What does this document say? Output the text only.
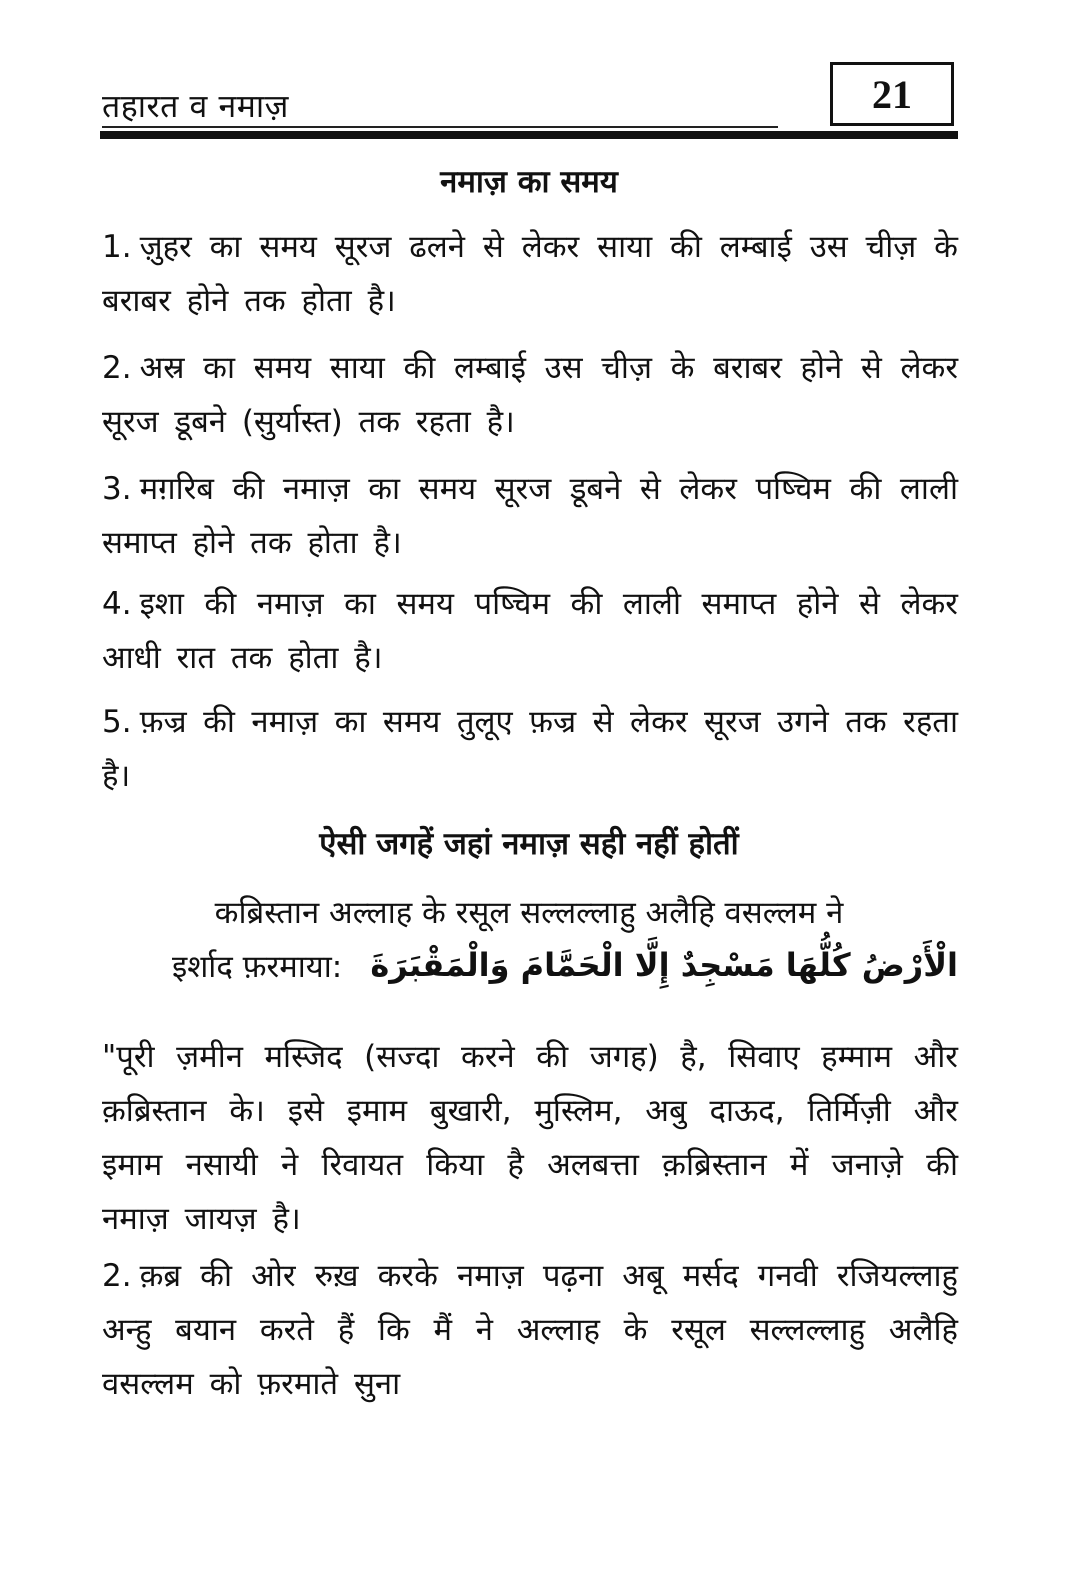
तहारत व नमाज़	21
नमाज़ का समय
1. ज़ुहर का समय सूरज ढलने से लेकर साया की लम्बाई उस चीज़ के बराबर होने तक होता है।
2. अस्र का समय साया की लम्बाई उस चीज़ के बराबर होने से लेकर सूरज डूबने (सुर्यास्त) तक रहता है।
3. मग़रिब की नमाज़ का समय सूरज डूबने से लेकर पष्चिम की लाली समाप्त होने तक होता है।
4. इशा की नमाज़ का समय पष्चिम की लाली समाप्त होने से लेकर आधी रात तक होता है।
5. फ़ज्र की नमाज़ का समय तुलूए फ़ज्र से लेकर सूरज उगने तक रहता है।
ऐसी जगहें जहां नमाज़ सही नहीं होतीं
कब्रिस्तान अल्लाह के रसूल सल्लल्लाहु अलैहि वसल्लम ने
इर्शाद फ़रमाया: الْأَرْضُ كُلُّهَا مَسْجِدٌ إِلَّا الْحَمَّامَ وَالْمَقْبَرَةَ
"पूरी ज़मीन मस्जिद (सज्दा करने की जगह) है, सिवाए हम्माम और क़ब्रिस्तान के। इसे इमाम बुखारी, मुस्लिम, अबु दाऊद, तिर्मिज़ी और इमाम नसायी ने रिवायत किया है अलबत्ता क़ब्रिस्तान में जनाज़े की नमाज़ जायज़ है।
2. क़ब्र की ओर रुख़ करके नमाज़ पढ़ना अबू मर्सद गनवी रजियल्लाहु अन्हु बयान करते हैं कि मैं ने अल्लाह के रसूल सल्लल्लाहु अलैहि वसल्लम को फ़रमाते सुना
